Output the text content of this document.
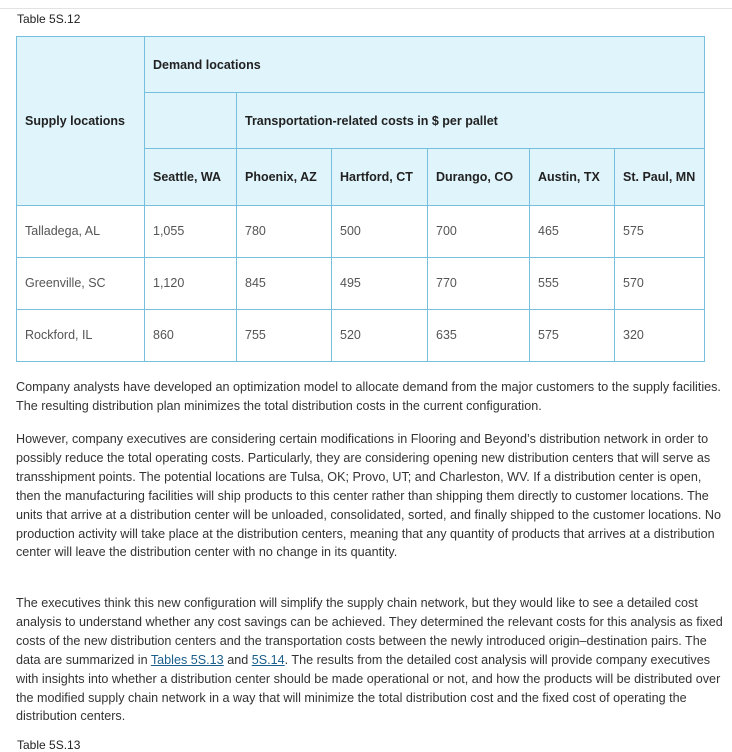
Table 5S.12
Supply locations	Demand locations					
		Transportation-related costs in $ per pallet				
	Seattle, WA	Phoenix, AZ	Hartford, CT	Durango, CO	Austin, TX	St. Paul, MN
Talladega, AL	1,055	780	500	700	465	575
Greenville, SC	1,120	845	495	770	555	570
Rockford, IL	860	755	520	635	575	320

Company analysts have developed an optimization model to allocate demand from the major customers to the supply facilities. The resulting distribution plan minimizes the total distribution costs in the current configuration.

However, company executives are considering certain modifications in Flooring and Beyond’s distribution network in order to possibly reduce the total operating costs. Particularly, they are considering opening new distribution centers that will serve as transshipment points. The potential locations are Tulsa, OK; Provo, UT; and Charleston, WV. If a distribution center is open, then the manufacturing facilities will ship products to this center rather than shipping them directly to customer locations. The units that arrive at a distribution center will be unloaded, consolidated, sorted, and finally shipped to the customer locations. No production activity will take place at the distribution centers, meaning that any quantity of products that arrives at a distribution center will leave the distribution center with no change in its quantity.

The executives think this new configuration will simplify the supply chain network, but they would like to see a detailed cost analysis to understand whether any cost savings can be achieved. They determined the relevant costs for this analysis as fixed costs of the new distribution centers and the transportation costs between the newly introduced origin–destination pairs. The data are summarized in Tables 5S.13 and 5S.14. The results from the detailed cost analysis will provide company executives with insights into whether a distribution center should be made operational or not, and how the products will be distributed over the modified supply chain network in a way that will minimize the total distribution cost and the fixed cost of operating the distribution centers.

Table 5S.13
